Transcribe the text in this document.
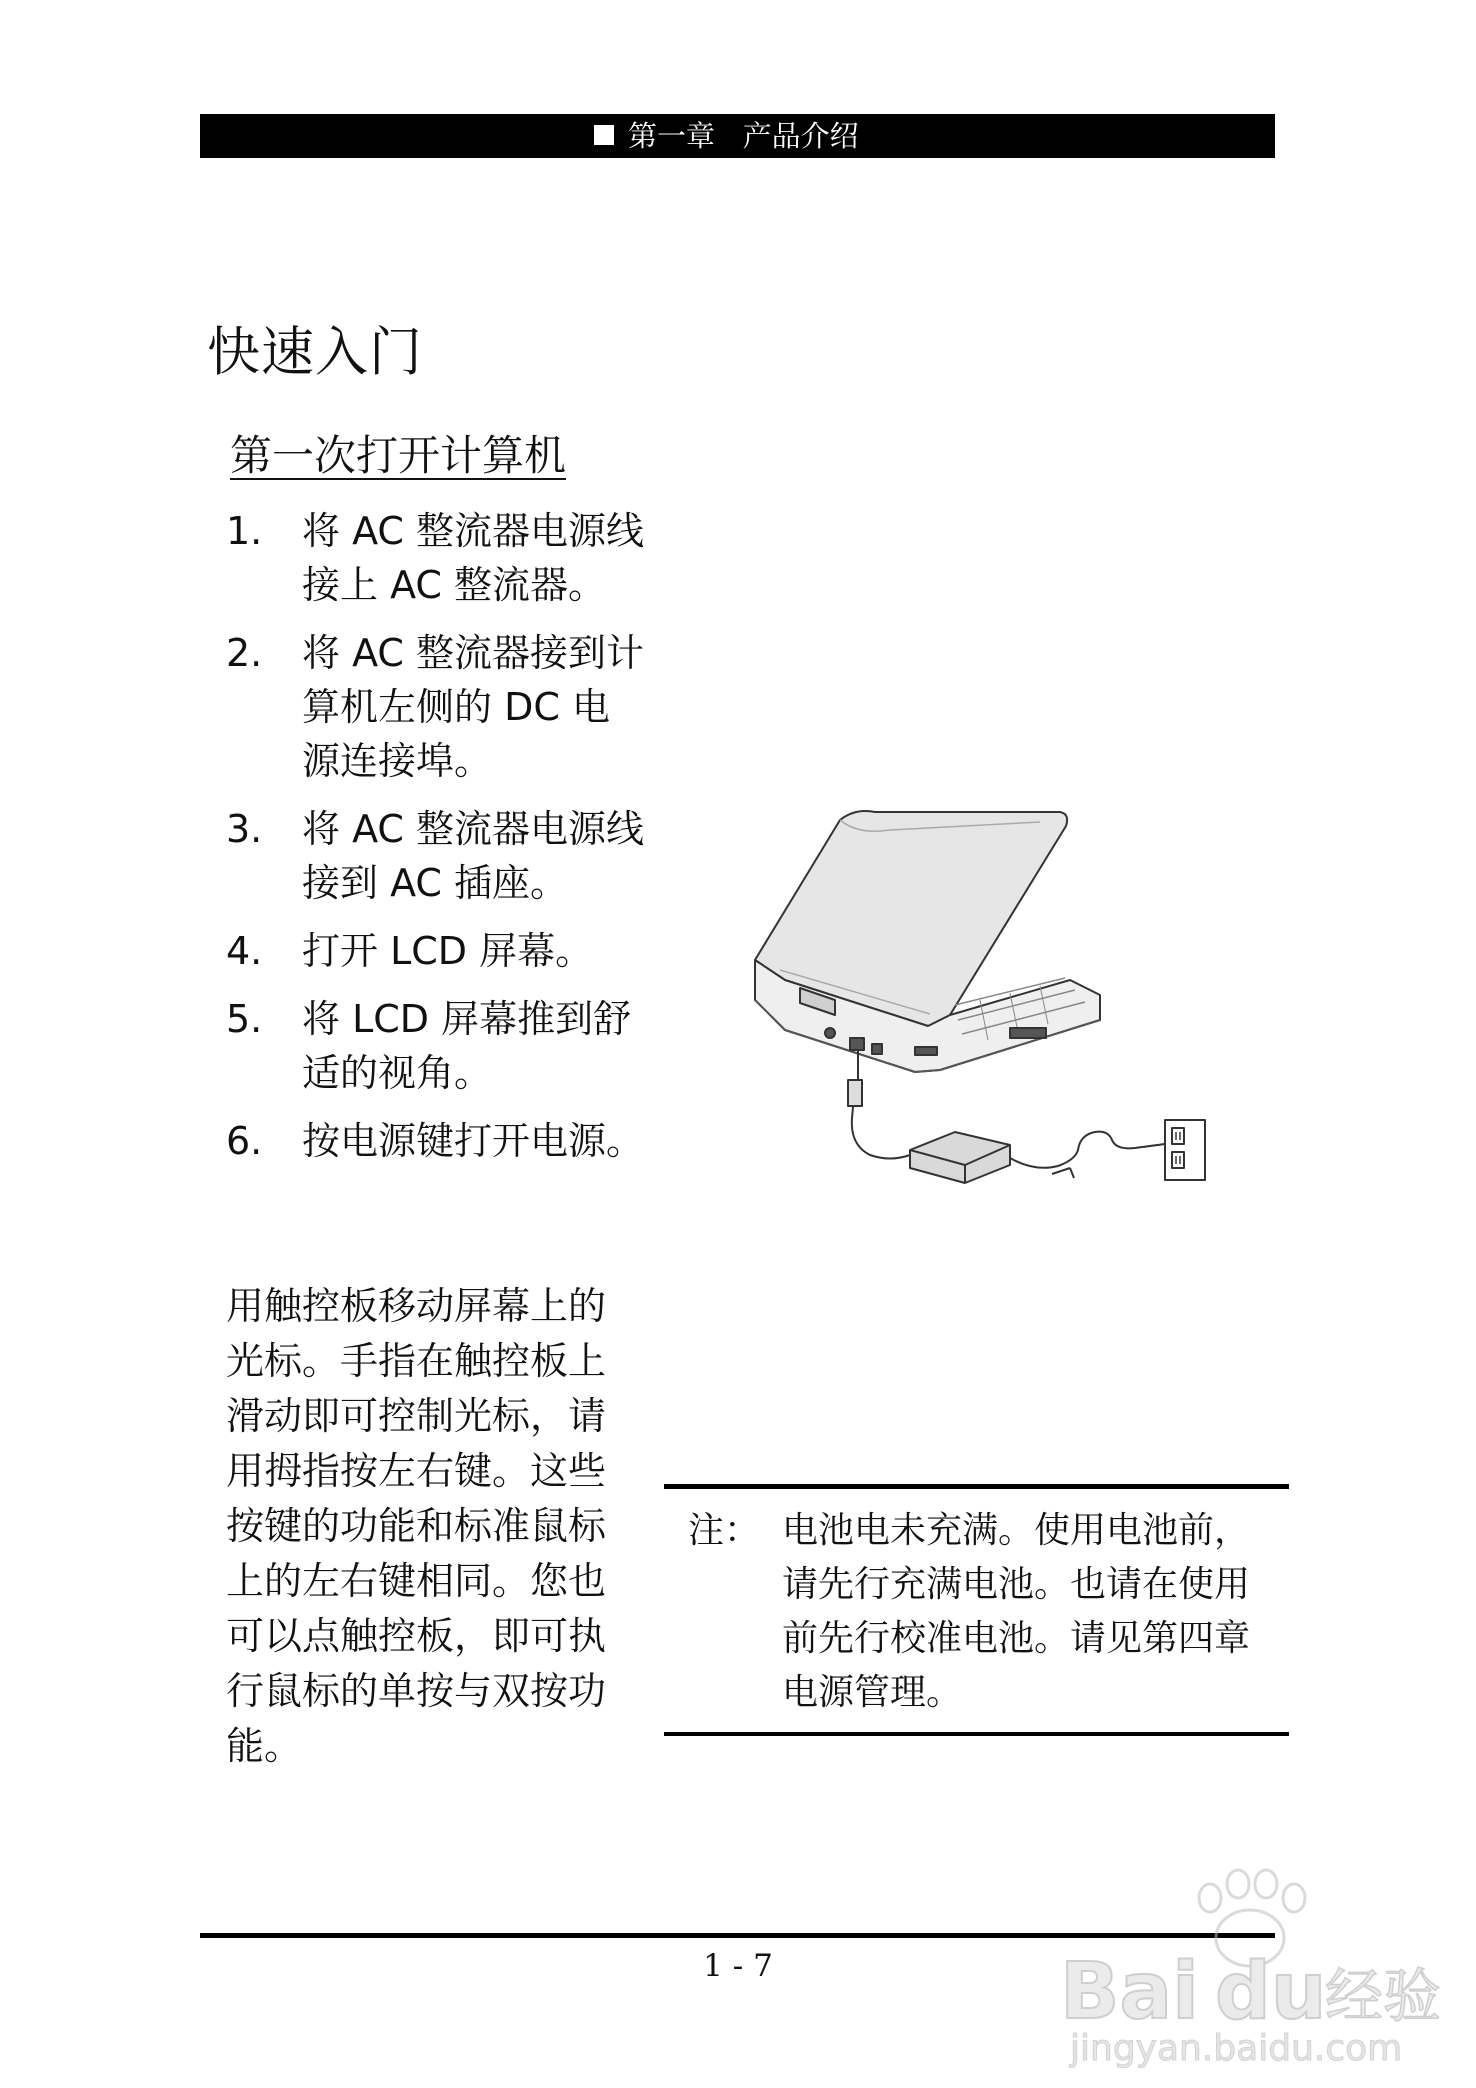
第一章   产品介绍
快速入门
第一次打开计算机
1.	将 AC 整流器电源线接上 AC 整流器。
2.	将 AC 整流器接到计算机左侧的 DC 电源连接埠。
3.	将 AC 整流器电源线接到 AC 插座。
4.	打开 LCD 屏幕。
5.	将 LCD 屏幕推到舒适的视角。
6.	按电源键打开电源。
用触控板移动屏幕上的光标。手指在触控板上滑动即可控制光标，请用拇指按左右键。这些按键的功能和标准鼠标上的左右键相同。您也可以点触控板，即可执行鼠标的单按与双按功能。
注： 电池电未充满。使用电池前，请先行充满电池。也请在使用前先行校准电池。请见第四章电源管理。
1 - 7	Bai du
经验
jingyan.baidu.com
